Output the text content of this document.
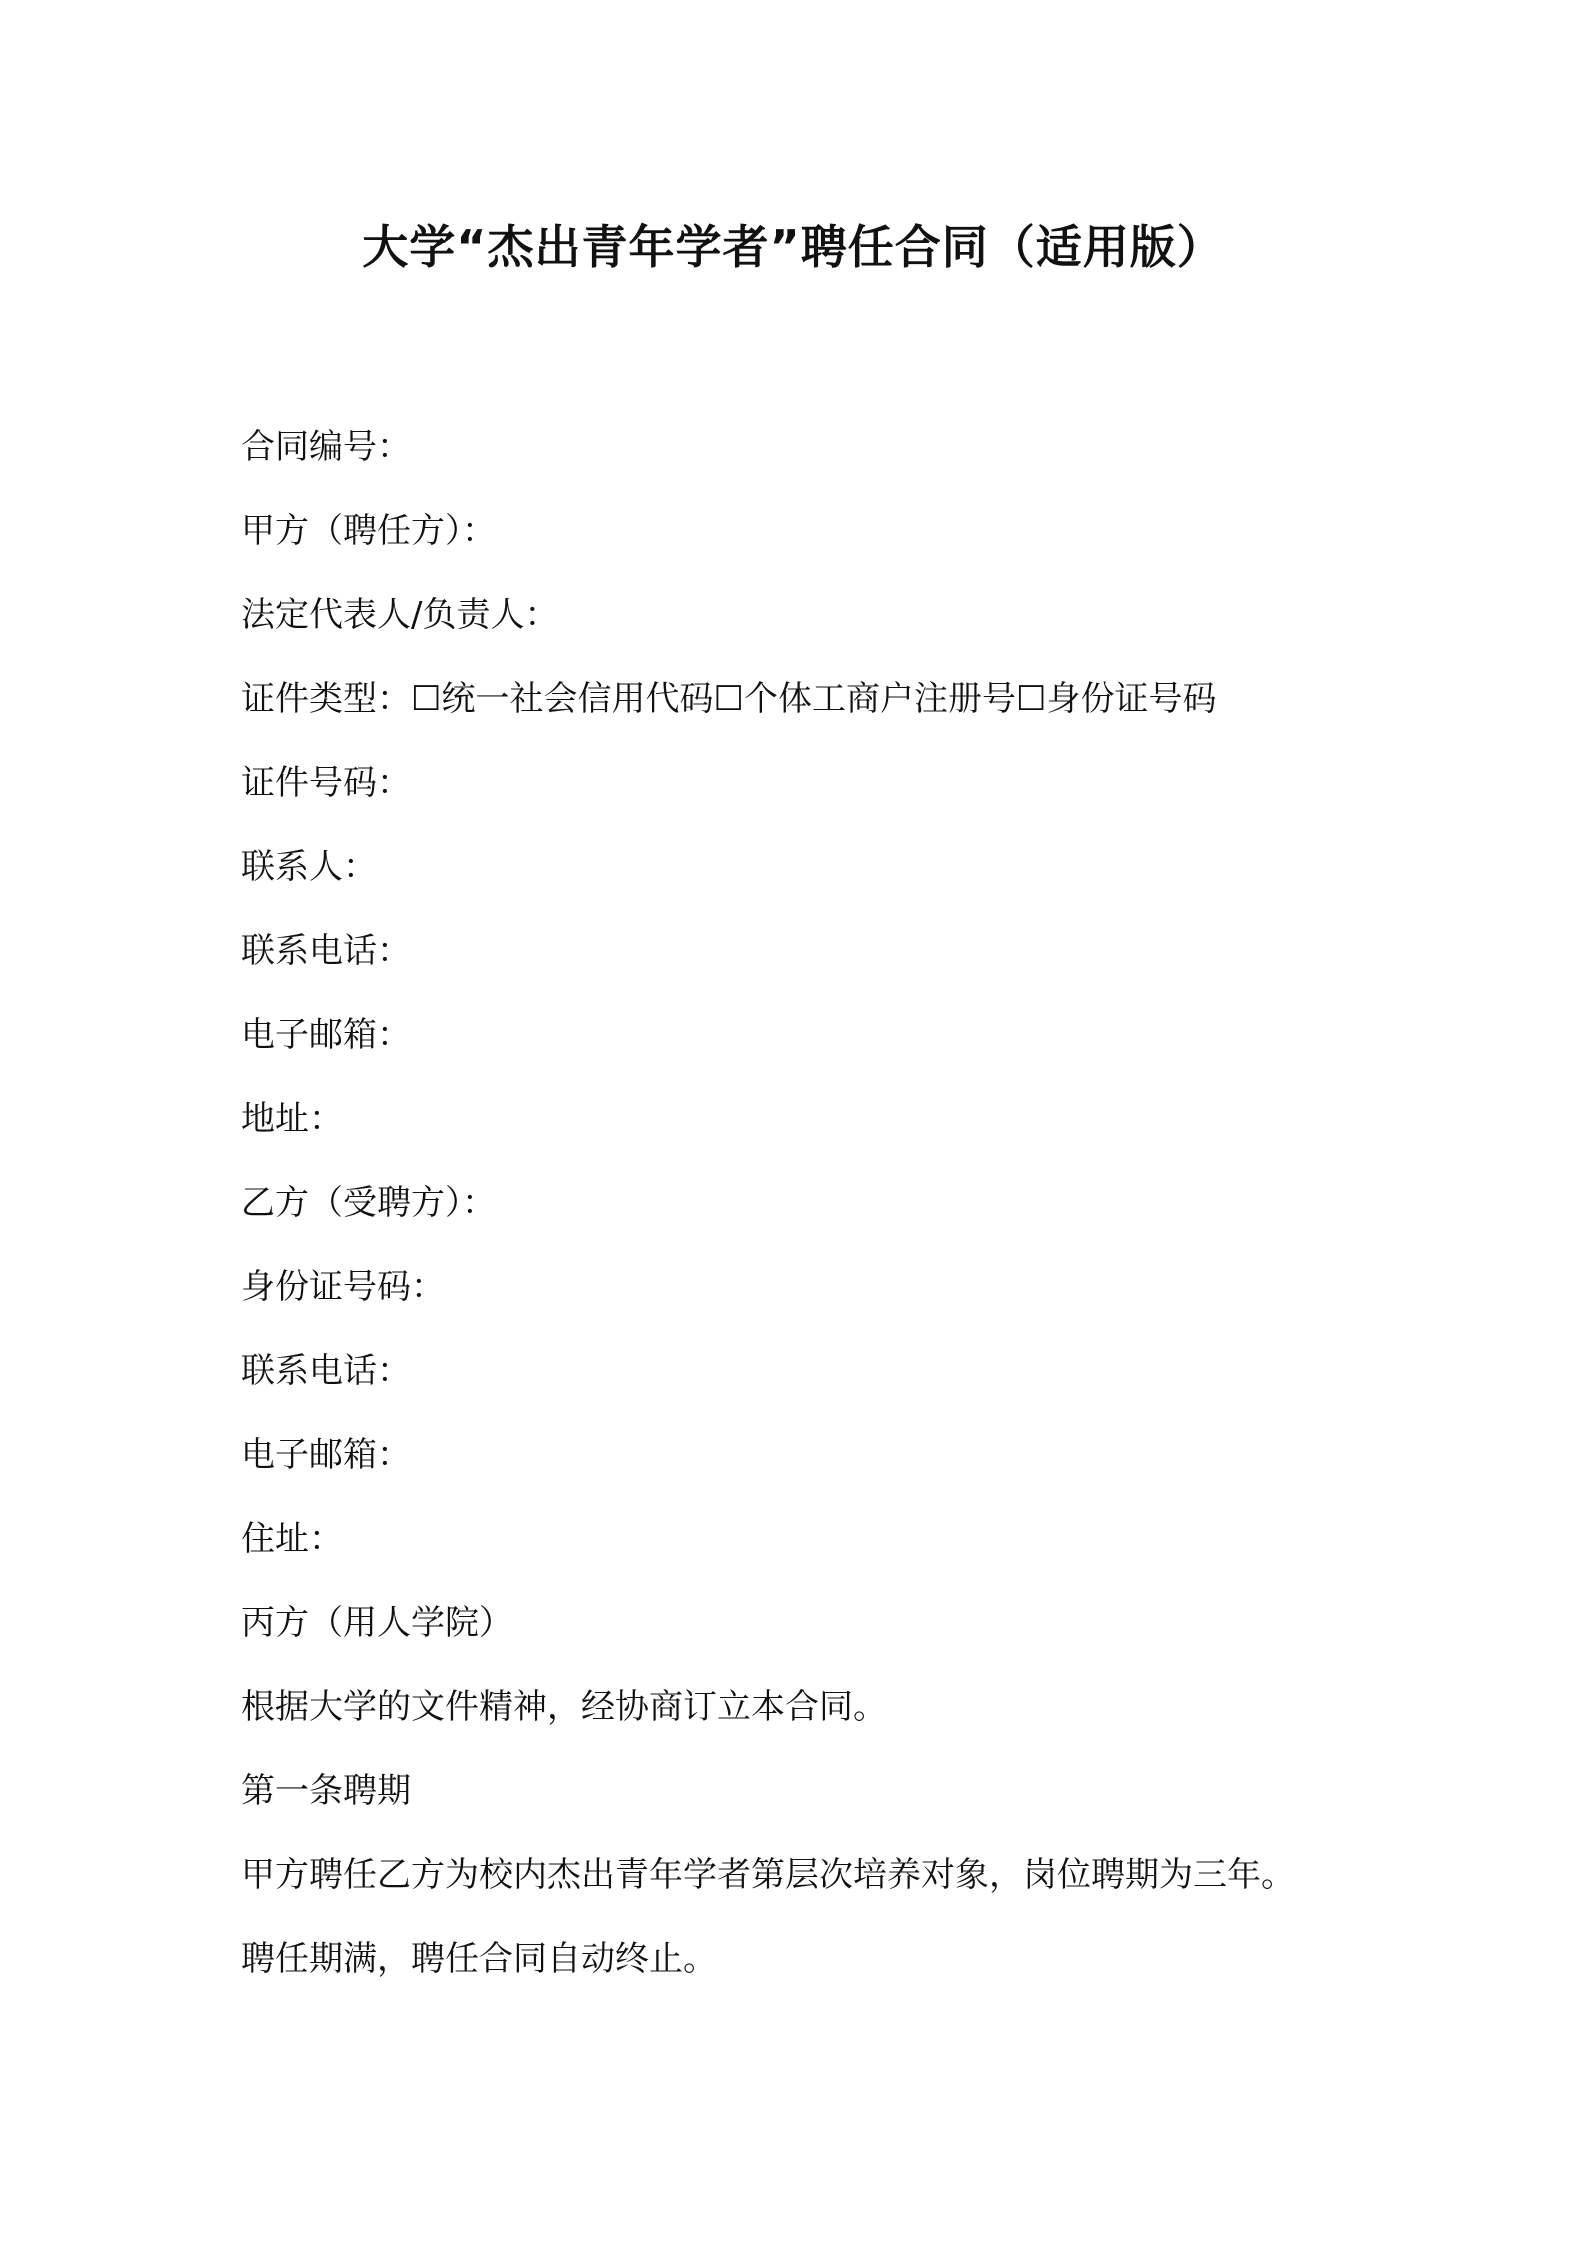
大学“杰出青年学者”聘任合同（适用版）
合同编号：
甲方（聘任方）：
法定代表人/负责人：
证件类型：☐统一社会信用代码☐个体工商户注册号☐身份证号码
证件号码：
联系人：
联系电话：
电子邮箱：
地址：
乙方（受聘方）：
身份证号码：
联系电话：
电子邮箱：
住址：
丙方（用人学院）
根据大学的文件精神，经协商订立本合同。
第一条聘期
甲方聘任乙方为校内杰出青年学者第层次培养对象，岗位聘期为三年。
聘任期满，聘任合同自动终止。
